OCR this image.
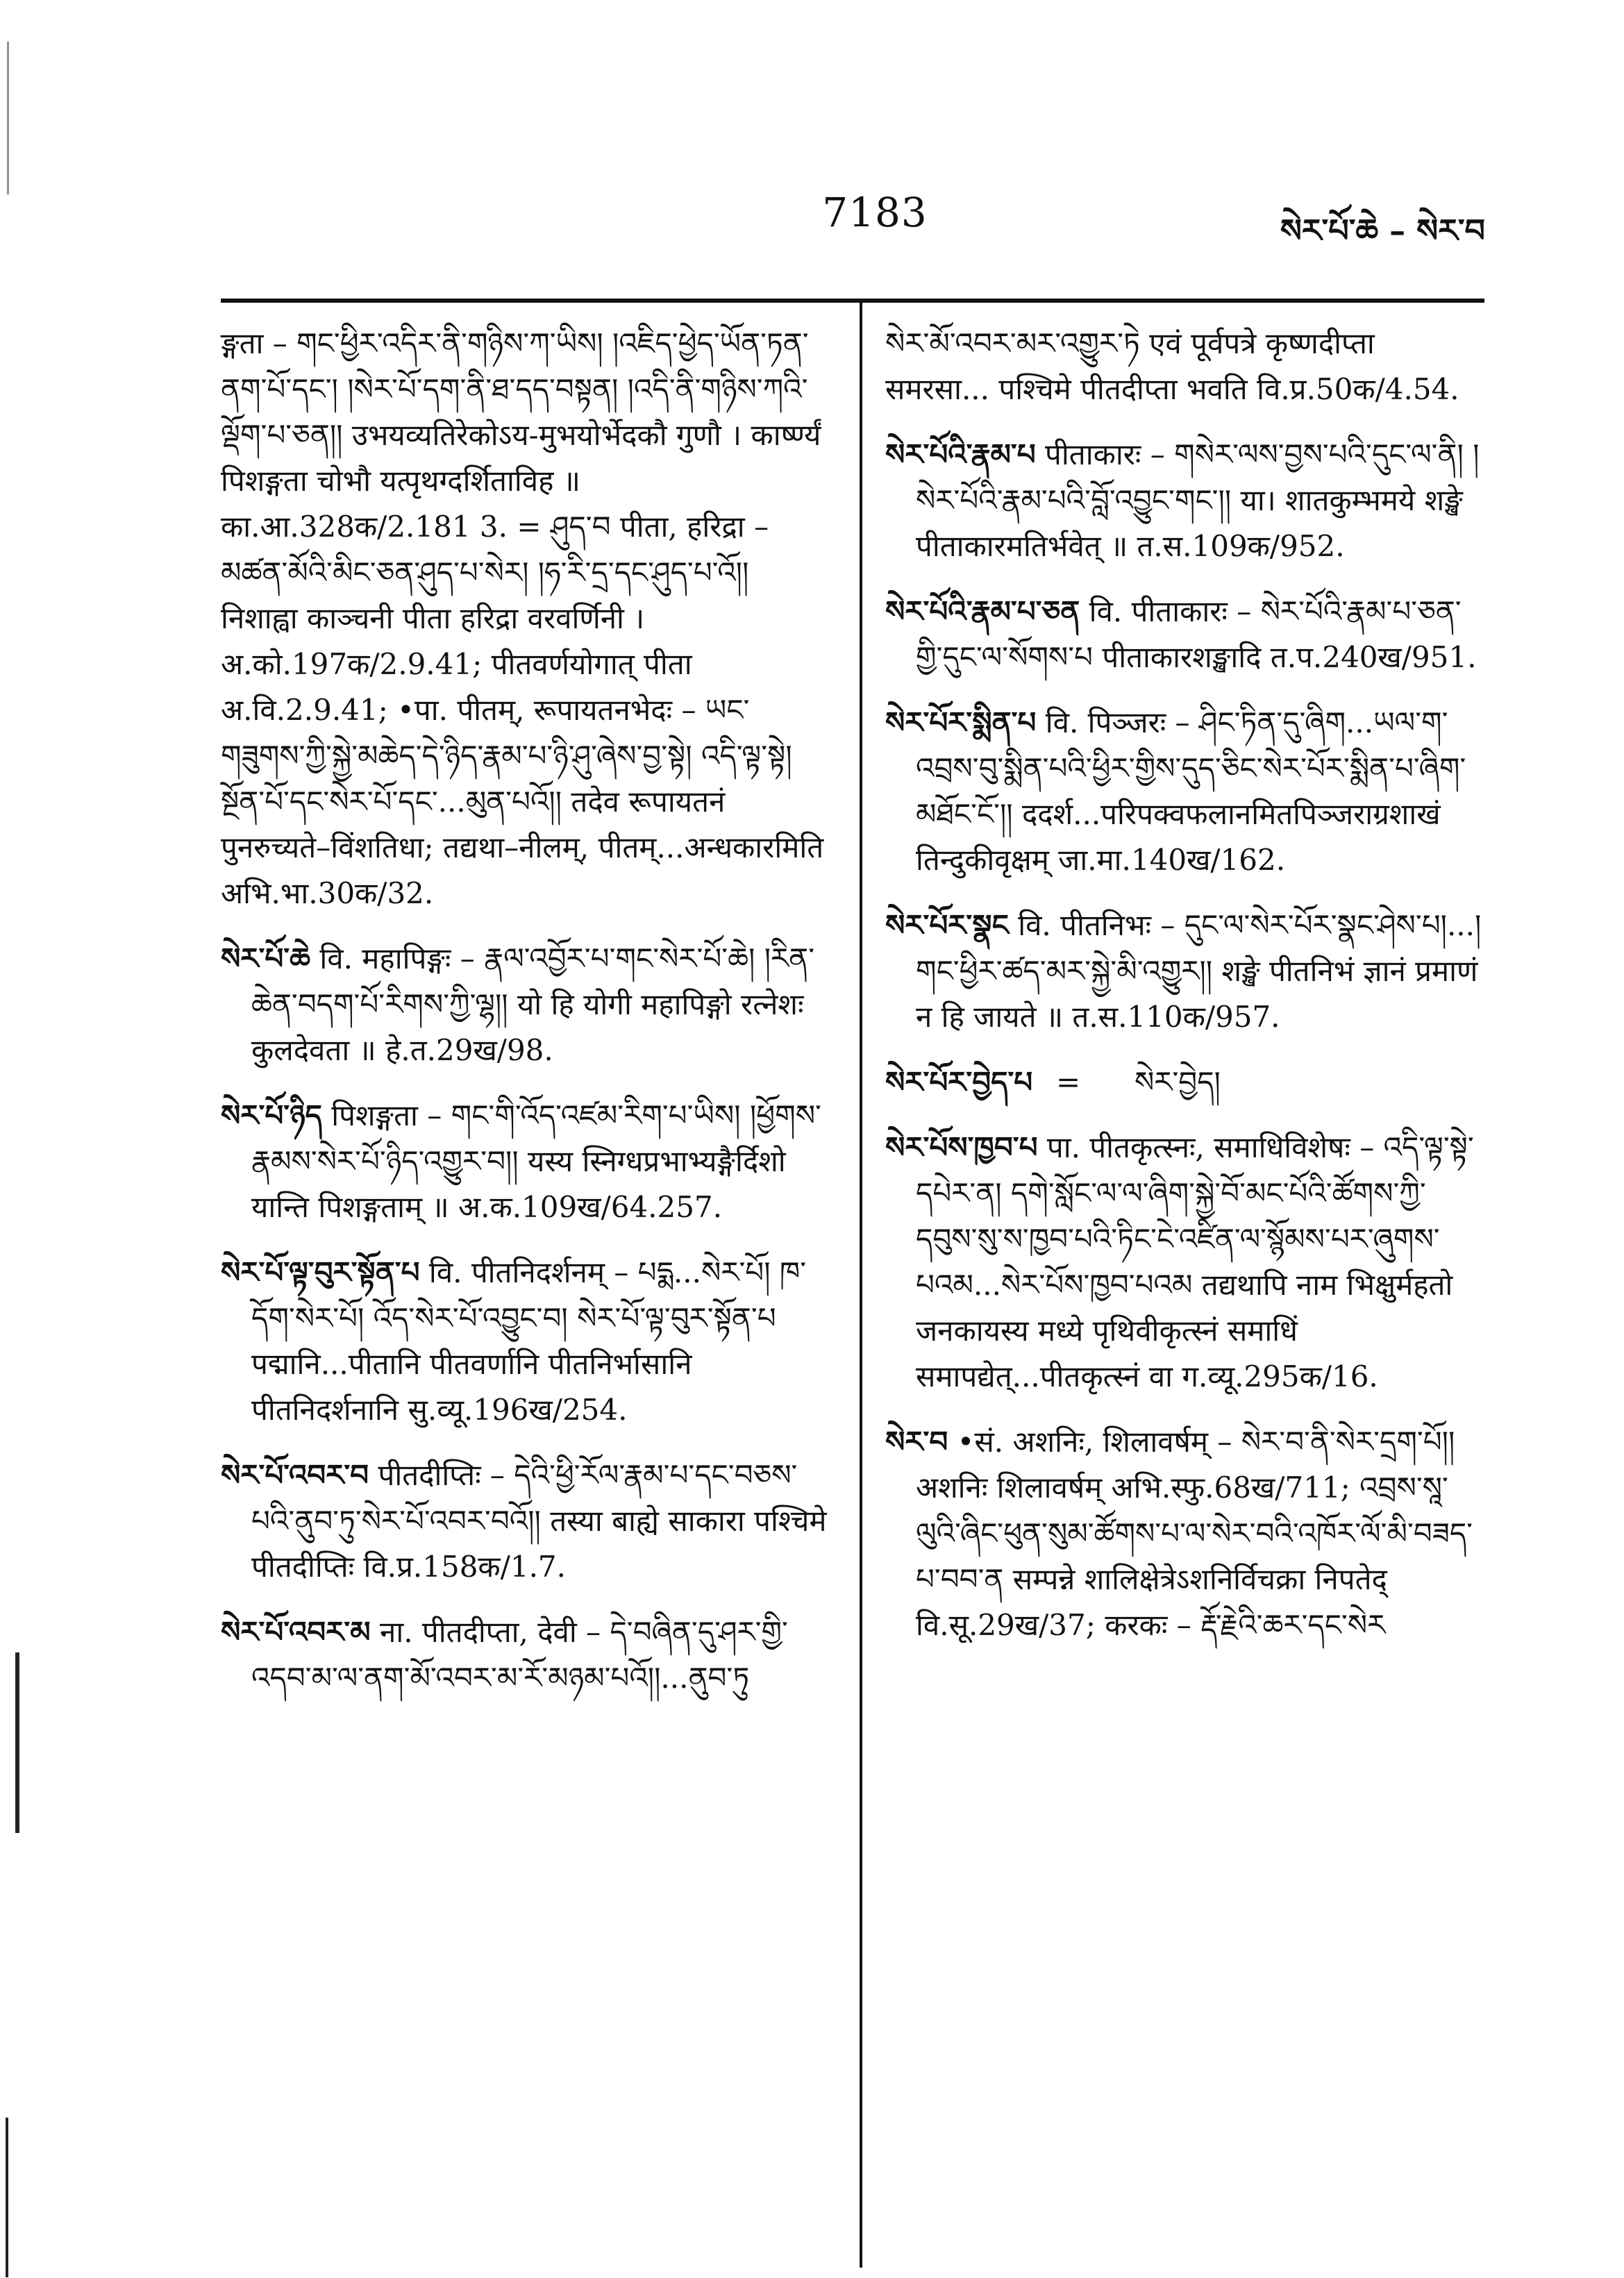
7183	སེར་པོ་ཆེ – སེར་བ

ङ्गता – གང་ཕྱིར་འདིར་ནི་གཉིས་ཀ་ཡིས། །འཇིད་ཕྱེད་ཡོན་ཏན་ནག་པོ་དང་། །སེར་པོ་དག་ནི་ཐ་དད་བསྟན། །འདི་ནི་གཉིས་ཀའི་ལྡོག་པ་ཅན།། उभयव्यतिरेकोऽय-मुभयोर्भेदकौ गुणौ । कार्ष्ण्यं पिशङ्गता चोभौ यत्पृथग्दर्शिताविह ॥ का.आ.328क/2.181 3. = ཤུད་བ पीता, हरिद्रा – མཚན་མོའི་མིང་ཅན་ཤུད་པ་སེར། །ཧ་རི་དྲ་དང་ཤུད་པ་འོ།། निशाह्वा काञ्चनी पीता हरिद्रा वरवर्णिनी । अ.को.197क/2.9.41; पीतवर्णयोगात् पीता अ.वि.2.9.41; •पा. पीतम्, रूपायतनभेदः – ཡང་གཟུགས་ཀྱི་སྐྱེ་མཆེད་དེ་ཉིད་རྣམ་པ་ཉི་ཤུ་ཞེས་བྱ་སྟེ། འདི་ལྟ་སྟེ། སྔོན་པོ་དང་སེར་པོ་དང་...མུན་པའོ།། तदेव रूपायतनं पुनरुच्यते–विंशतिधा; तद्यथा–नीलम्, पीतम्...अन्धकारमिति अभि.भा.30क/32.

སེར་པོ་ཆེ वि. महापिङ्गः – རྣལ་འབྱོར་པ་གང་སེར་པོ་ཆེ། །རིན་ཆེན་བདག་པོ་རིགས་ཀྱི་ལྷ།། यो हि योगी महापिङ्गो रत्नेशः कुलदेवता ॥ हे.त.29ख/98.

སེར་པོ་ཉིད पिशङ्गता – གང་གི་འོད་འཛམ་རིག་པ་ཡིས། །ཕྱོགས་རྣམས་སེར་པོ་ཉིད་འགྱུར་བ།། यस्य स्निग्धप्रभाभ्यङ्गैर्दिशो यान्ति पिशङ्गताम् ॥ अ.क.109ख/64.257.

སེར་པོ་ལྟ་བུར་སྟོན་པ वि. पीतनिदर्शनम् – པདྨ...སེར་པོ། ཁ་དོག་སེར་པོ། འོད་སེར་པོ་འབྱུང་བ། སེར་པོ་ལྟ་བུར་སྟོན་པ पद्मानि...पीतानि पीतवर्णानि पीतनिर्भासानि पीतनिदर्शनानि सु.व्यू.196ख/254.

སེར་པོ་འབར་བ पीतदीप्तिः – དེའི་ཕྱི་རོལ་རྣམ་པ་དང་བཅས་པའི་ནུབ་ཏུ་སེར་པོ་འབར་བའོ།། तस्या बाह्ये साकारा पश्चिमे पीतदीप्तिः वि.प्र.158क/1.7.

སེར་པོ་འབར་མ ना. पीतदीप्ता, देवी – དེ་བཞིན་དུ་ཤར་གྱི་འདབ་མ་ལ་ནག་མོ་འབར་མ་རོ་མཉམ་པའོ།།...ནུབ་ཏུ

སེར་མོ་འབར་མར་འགྱུར་ཏེ एवं पूर्वपत्रे कृष्णदीप्ता समरसा... पश्चिमे पीतदीप्ता भवति वि.प्र.50क/4.54.

སེར་པོའི་རྣམ་པ पीताकारः – གསེར་ལས་བྱས་པའི་དུང་ལ་ནི། །སེར་པོའི་རྣམ་པའི་བློ་འབྱུང་གང་།། या। शातकुम्भमये शङ्खे पीताकारमतिर्भवेत् ॥ त.स.109क/952.

སེར་པོའི་རྣམ་པ་ཅན वि. पीताकारः – སེར་པོའི་རྣམ་པ་ཅན་གྱི་དུང་ལ་སོགས་པ पीताकारशङ्खादि त.प.240ख/951.

སེར་པོར་སྨིན་པ वि. पिञ्जरः – ཤིང་ཏིན་དུ་ཞིག...ཡལ་ག་འབྲས་བུ་སྨིན་པའི་ཕྱིར་གྱིས་དུད་ཅིང་སེར་པོར་སྨིན་པ་ཞིག་མཐོང་ངོ་།། ददर्श...परिपक्वफलानमितपिञ्जराग्रशाखं तिन्दुकीवृक्षम् जा.मा.140ख/162.

སེར་པོར་སྣང वि. पीतनिभः – དུང་ལ་སེར་པོར་སྣང་ཤེས་པ།...།གང་ཕྱིར་ཚད་མར་སྐྱེ་མི་འགྱུར།། शङ्खे पीतनिभं ज्ञानं प्रमाणं न हि जायते ॥ त.स.110क/957.

སེར་པོར་བྱེད་པ = སེར་བྱེད།

སེར་པོས་ཁྱབ་པ पा. पीतकृत्स्नः, समाधिविशेषः – འདི་ལྟ་སྟེ་དཔེར་ན། དགེ་སློང་ལ་ལ་ཞིག་སྐྱེ་བོ་མང་པོའི་ཚོགས་ཀྱི་དབུས་སུ་ས་ཁྱབ་པའི་ཏིང་ངེ་འཛིན་ལ་སྙོམས་པར་ཞུགས་པའམ...སེར་པོས་ཁྱབ་པའམ तद्यथापि नाम भिक्षुर्महतो जनकायस्य मध्ये पृथिवीकृत्स्नं समाधिं समापद्येत्...पीतकृत्स्नं वा ग.व्यू.295क/16.

སེར་བ •सं. अशनिः, शिलावर्षम् – སེར་བ་ནི་སེར་དྲག་པོ།། अशनिः शिलावर्षम् अभि.स्फु.68ख/711; འབྲས་སཱ་ལུའི་ཞིང་ཕུན་སུམ་ཚོགས་པ་ལ་སེར་བའི་འཁོར་ལོ་མི་བཟད་པ་བབ་ན सम्पन्ने शालिक्षेत्रेऽशनिर्विचक्रा निपतेद् वि.सू.29ख/37; करकः – རྡོ་རྗེའི་ཆར་དང་སེར
